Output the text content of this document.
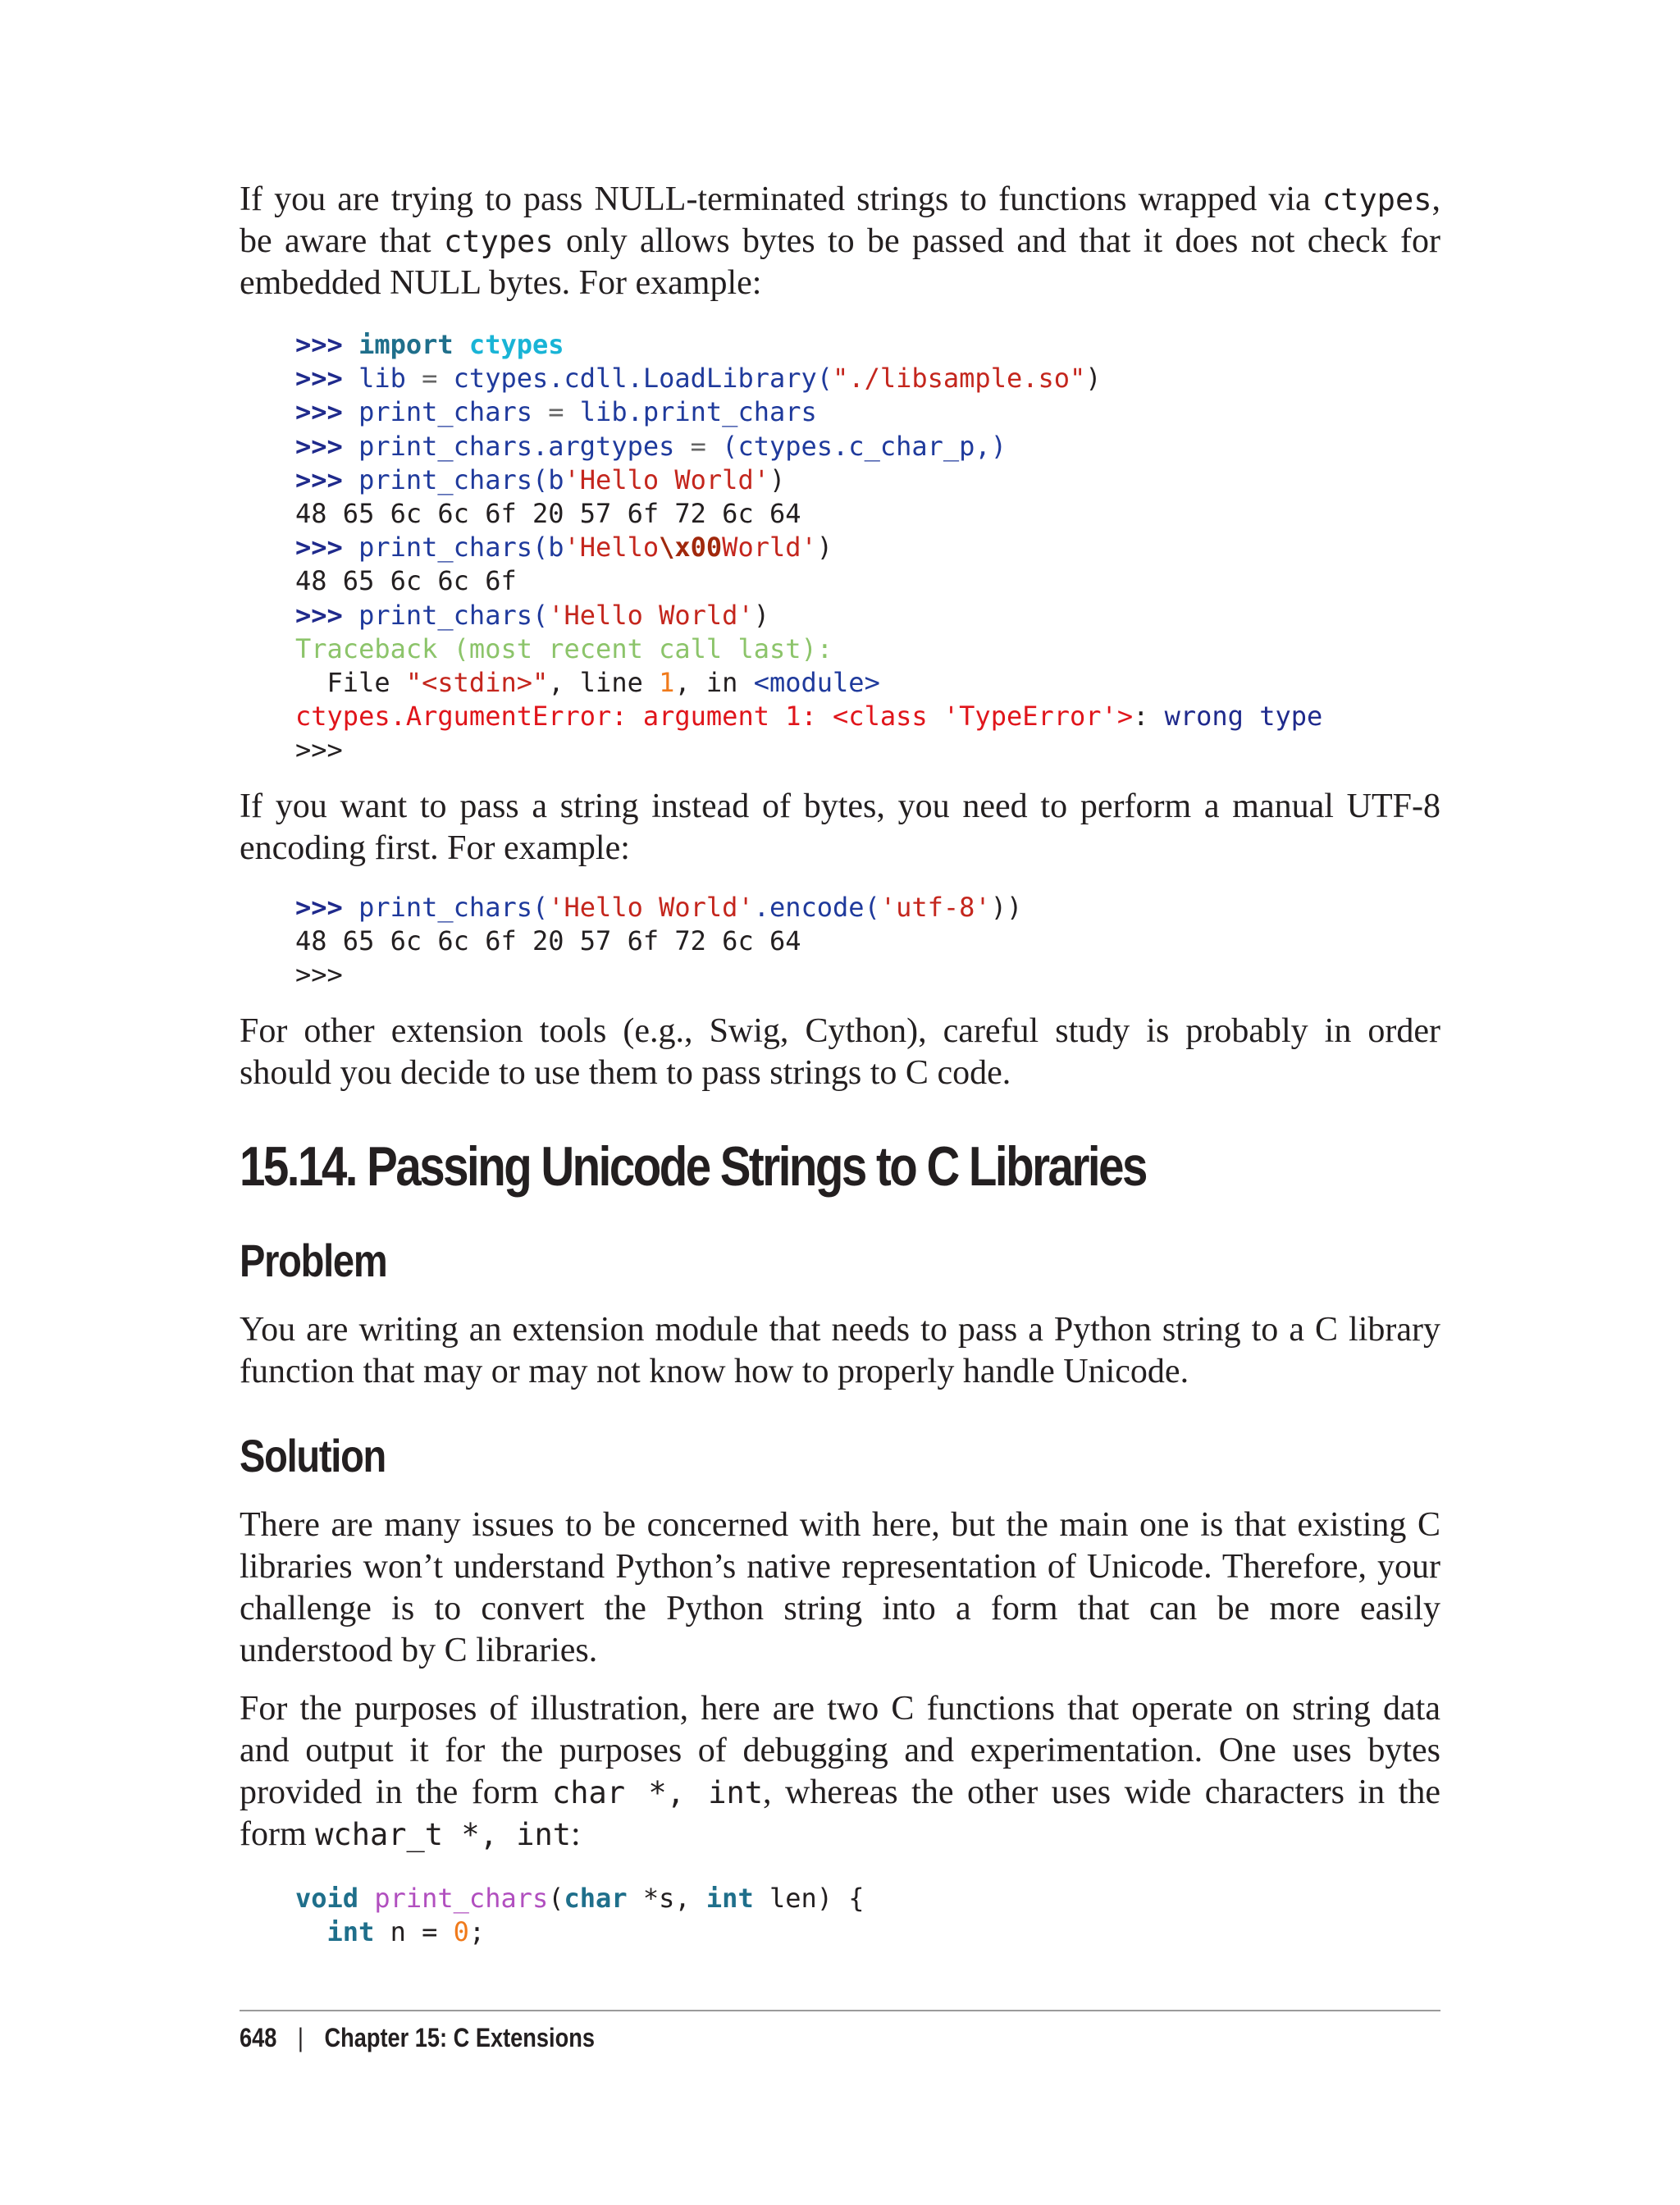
If you are trying to pass NULL-terminated strings to functions wrapped via ctypes, be aware that ctypes only allows bytes to be passed and that it does not check for embedded NULL bytes. For example:

>>> import ctypes
>>> lib = ctypes.cdll.LoadLibrary("./libsample.so")
>>> print_chars = lib.print_chars
>>> print_chars.argtypes = (ctypes.c_char_p,)
>>> print_chars(b'Hello World')
48 65 6c 6c 6f 20 57 6f 72 6c 64
>>> print_chars(b'Hello\x00World')
48 65 6c 6c 6f
>>> print_chars('Hello World')
Traceback (most recent call last):
File "<stdin>", line 1, in <module>
ctypes.ArgumentError: argument 1: <class 'TypeError'>: wrong type
>>>

If you want to pass a string instead of bytes, you need to perform a manual UTF-8 encoding first. For example:

>>> print_chars('Hello World'.encode('utf-8'))
48 65 6c 6c 6f 20 57 6f 72 6c 64
>>>

For other extension tools (e.g., Swig, Cython), careful study is probably in order should you decide to use them to pass strings to C code.

15.14. Passing Unicode Strings to C Libraries
Problem

You are writing an extension module that needs to pass a Python string to a C library function that may or may not know how to properly handle Unicode.

Solution

There are many issues to be concerned with here, but the main one is that existing C libraries won’t understand Python’s native representation of Unicode. Therefore, your challenge is to convert the Python string into a form that can be more easily understood by C libraries.

For the purposes of illustration, here are two C functions that operate on string data and output it for the purposes of debugging and experimentation. One uses bytes provided in the form char *, int, whereas the other uses wide characters in the form wchar_t *, int:

void print_chars(char *s, int len) {
int n = 0;
648 | Chapter 15: C Extensions
